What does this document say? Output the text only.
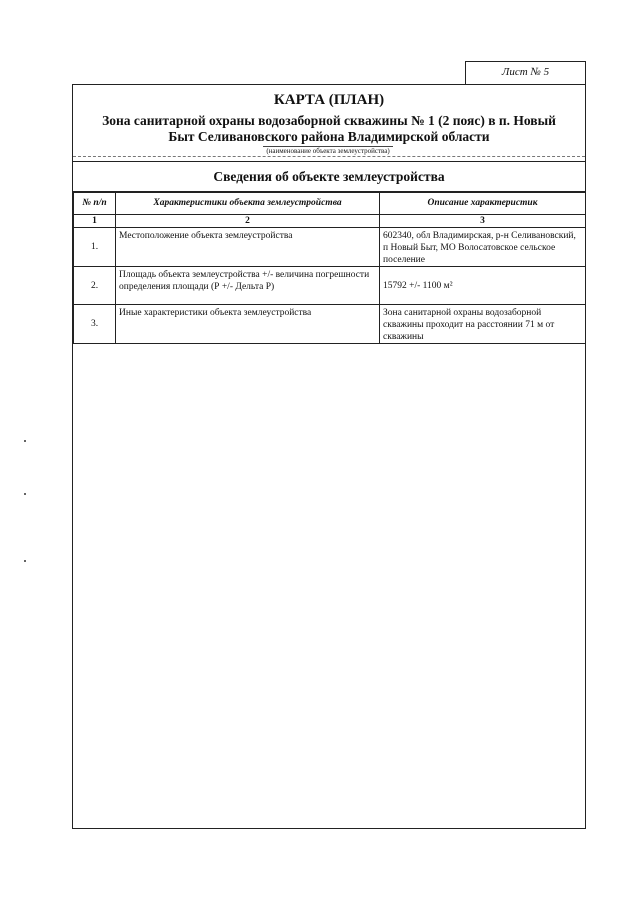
Лист № 5
КАРТА (ПЛАН)
Зона санитарной охраны водозаборной скважины № 1 (2 пояс) в п. Новый Быт Селивановского района Владимирской области
(наименование объекта землеустройства)
Сведения об объекте землеустройства
№ п/п	Характеристики объекта землеустройства	Описание характеристик
1	2	3
1.	Местоположение объекта землеустройства	602340, обл Владимирская, р-н Селивановский, п Новый Быт, МО Волосатовское сельское поселение
2.	Площадь объекта землеустройства +/- величина погрешности определения площади (Р +/- Дельта Р)	15792 +/- 1100 м²
3.	Иные характеристики объекта землеустройства	Зона санитарной охраны водозаборной скважины проходит на расстоянии 71 м от скважины
